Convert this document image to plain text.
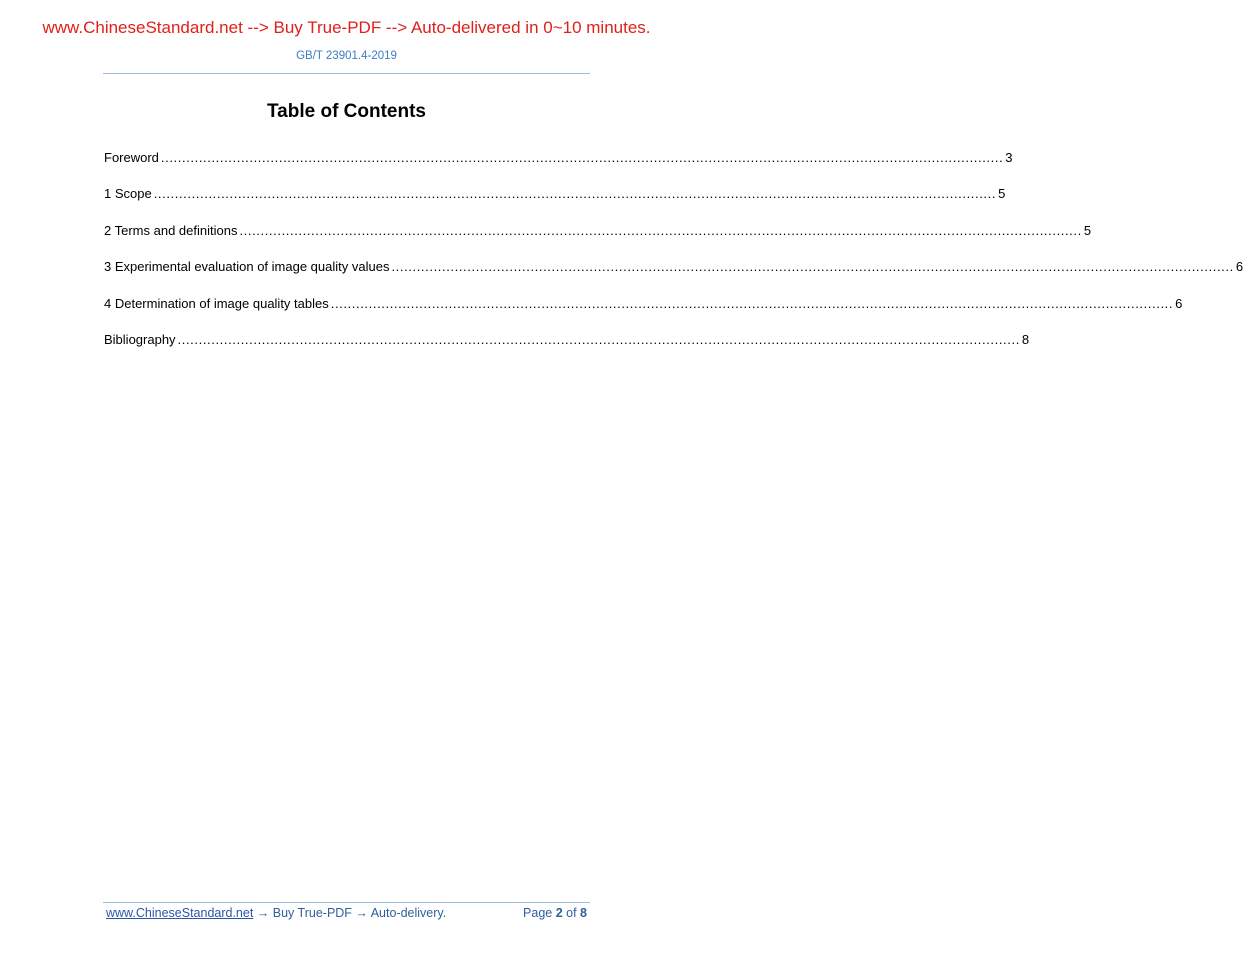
www.ChineseStandard.net --> Buy True-PDF --> Auto-delivered in 0~10 minutes.
GB/T 23901.4-2019
Table of Contents
Foreword ........................................................................................................................................................................................................ 3
1 Scope ........................................................................................................................................................................................................ 5
2 Terms and definitions ........................................................................................................................................................................................................ 5
3 Experimental evaluation of image quality values ........................................................................................................................................................................................................ 6
4 Determination of image quality tables ........................................................................................................................................................................................................ 6
Bibliography ........................................................................................................................................................................................................ 8
www.ChineseStandard.net → Buy True-PDF → Auto-delivery.	Page 2 of 8
